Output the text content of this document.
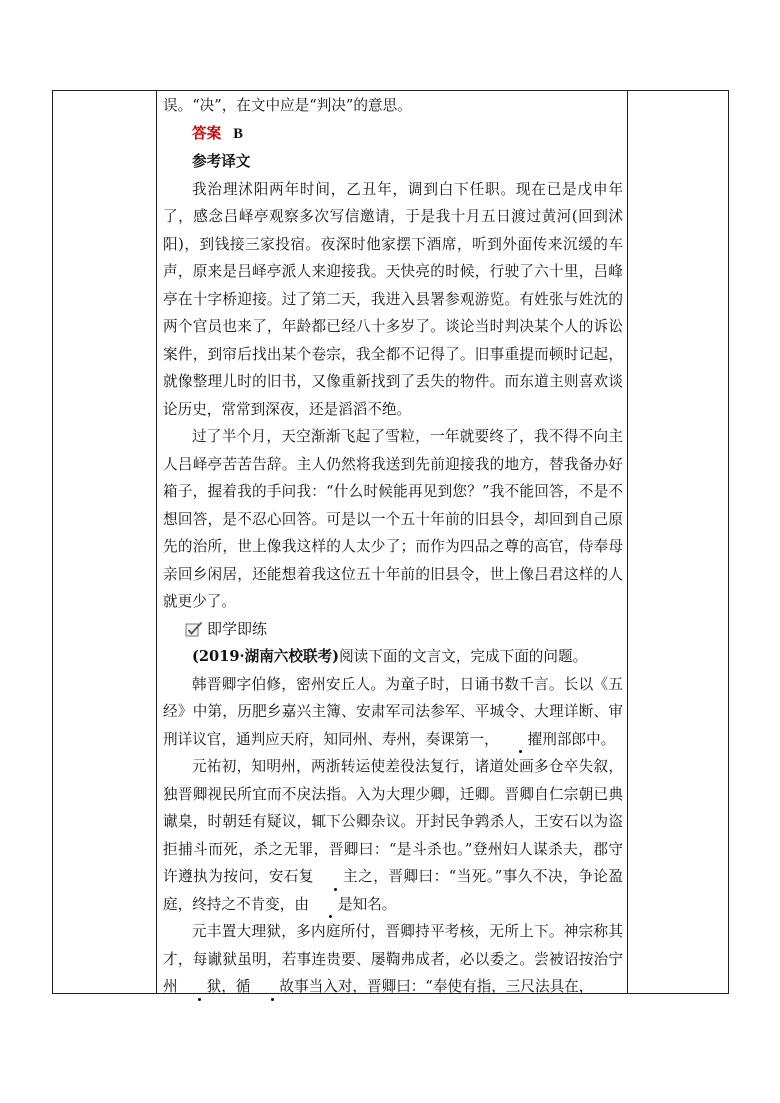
误。“决”，在文中应是“判决”的意思。

答案 B

参考译文

我治理沭阳两年时间，乙丑年，调到白下任职。现在已是戊申年了，感念吕峄亭观察多次写信邀请，于是我十月五日渡过黄河(回到沭阳)，到钱接三家投宿。夜深时他家摆下酒席，听到外面传来沉缓的车声，原来是吕峄亭派人来迎接我。天快亮的时候，行驶了六十里，吕峰亭在十字桥迎接。过了第二天，我进入县署参观游览。有姓张与姓沈的两个官员也来了，年龄都已经八十多岁了。谈论当时判决某个人的诉讼案件，到帘后找出某个卷宗，我全都不记得了。旧事重提而顿时记起，就像整理儿时的旧书，又像重新找到了丢失的物件。而东道主则喜欢谈论历史，常常到深夜，还是滔滔不绝。

过了半个月，天空渐渐飞起了雪粒，一年就要终了，我不得不向主人吕峄亭苦苦告辞。主人仍然将我送到先前迎接我的地方，替我备办好箱子，握着我的手问我：“什么时候能再见到您？”我不能回答，不是不想回答，是不忍心回答。可是以一个五十年前的旧县令，却回到自己原先的治所，世上像我这样的人太少了；而作为四品之尊的高官，侍奉母亲回乡闲居，还能想着我这位五十年前的旧县令，世上像吕君这样的人就更少了。

即学即练

(2019·湖南六校联考)阅读下面的文言文，完成下面的问题。

韩晋卿字伯修，密州安丘人。为童子时，日诵书数千言。长以《五经》中第，历肥乡嘉兴主簿、安肃军司法参军、平城令、大理详断、审刑详议官，通判应天府，知同州、寿州，奏课第一， 擢刑部郎中。

元祐初，知明州，两浙转运使差役法复行，诸道处画多仓卒失叙，独晋卿视民所宜而不戾法指。入为大理少卿，迁卿。晋卿自仁宗朝已典谳臬，时朝廷有疑议，辄下公卿杂议。开封民争鹑杀人，王安石以为盗拒捕斗而死，杀之无罪，晋卿曰：“是斗杀也。”登州妇人谋杀夫，郡守许遵执为按问，安石复 主之，晋卿曰：“当死。”事久不决，争论盈庭，终持之不肯变，由 是知名。

元丰置大理狱，多内庭所付，晋卿持平考核，无所上下。神宗称其才，每谳狱虽明，若事连贵要、屡鞫弗成者，必以委之。尝被诏按治宁州 狱，循 故事当入对，晋卿曰：“奉使有指，三尺法具在，
